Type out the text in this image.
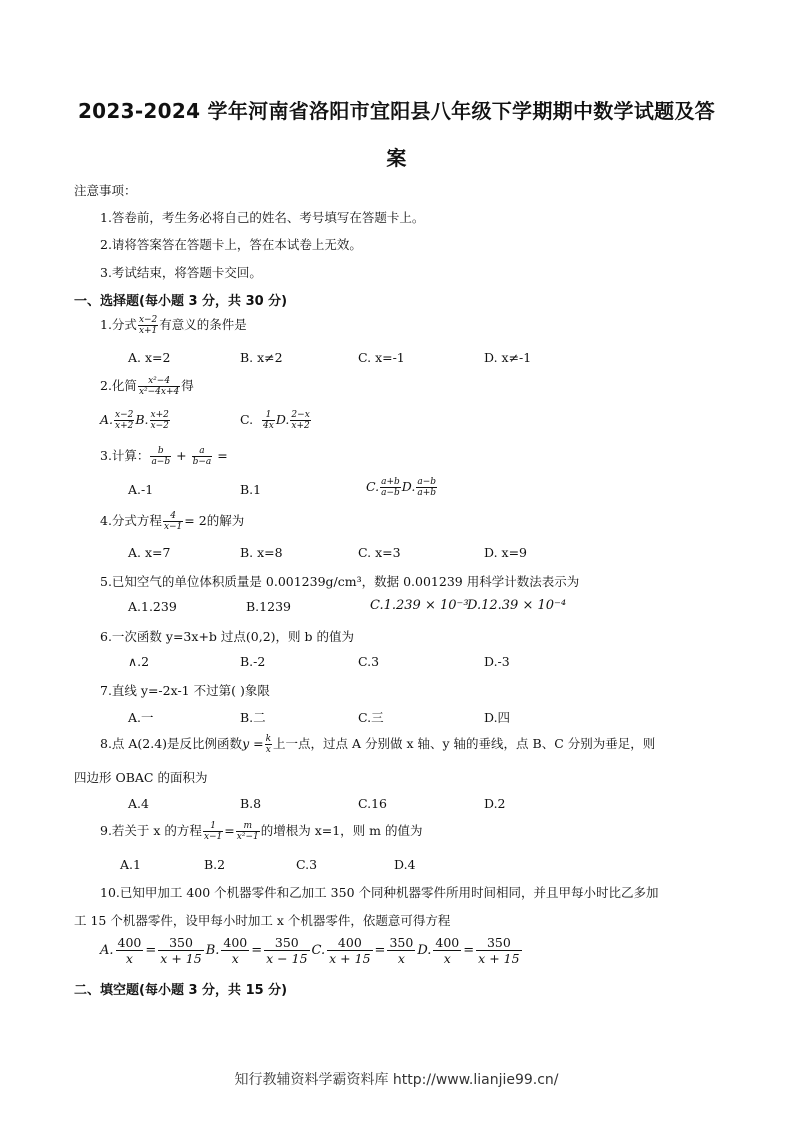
2023-2024 学年河南省洛阳市宜阳县八年级下学期期中数学试题及答
案
注意事项：
1.答卷前，考生务必将自己的姓名、考号填写在答题卡上。
2.请将答案答在答题卡上，答在本试卷上无效。
3.考试结束，将答题卡交回。
一、选择题(每小题 3 分，共 30 分)
1.分式 $\frac{x-2}{x+1}$ 有意义的条件是
A. x=2	B. x≠2	C. x=-1	D. x≠-1
2.化简 $\frac{\text{x²−4}}{\text{x²−4x+4}}$ 得
A. $\frac{x-2}{x+2} B$. $\frac{x+2}{x-2}$	C. $\frac{1}{4x} D$. $\frac{2-x}{x+2}$
3.计算： $\frac{b}{a-b} + \frac{a}{b-a}$ =
A.-1	B.1	C. $\frac{a+b}{a-b} D$. $\frac{a-b}{a+b}$
4.分式方程 $\frac{4}{x-1} = 2$的解为
A. x=7	B. x=8	C. x=3	D. x=9
5.已知空气的单位体积质量是 0.001239g/cm³，数据 0.001239 用科学计数法表示为
A.1.239	B.1239	C.1.239 × 10⁻³
D.12.39 × 10⁻⁴
6.一次函数 y=3x+b 过点(0,2)，则 b 的值为
∧.2	B.-2	C.3	D.-3
7.直线 y=-2x-1 不过第( )象限
A.一	B.二	C.三	D.四
8.点 A(2.4)是反比例函数$y = \frac{k}{x}$ 上一点，过点 A 分别做 x 轴、y 轴的垂线，点 B、C 分别为垂足，则
四边形 OBAC 的面积为
A.4	B.8	C.16	D.2
9.若关于 x 的方程 $\frac{1}{x-1} = \frac{m}{\text{x²−1}}$ 的增根为 x=1，则 m 的值为
A.1	B.2	C.3	D.4
10.已知甲加工 400 个机器零件和乙加工 350 个同种机器零件所用时间相同，并且甲每小时比乙多加
工 15 个机器零件，设甲每小时加工 x 个机器零件，依题意可得方程
A. $\frac{400}{x} = \frac{350}{x + 15} B$. $\frac{400}{x} = \frac{350}{x - 15} C$. $\frac{400}{x + 15} = \frac{350}{x} D$. $\frac{400}{x} = \frac{350}{x + 15}$
二、填空题(每小题 3 分，共 15 分)
知行教辅资料学霸资料库 http://www.lianjie99.cn/
